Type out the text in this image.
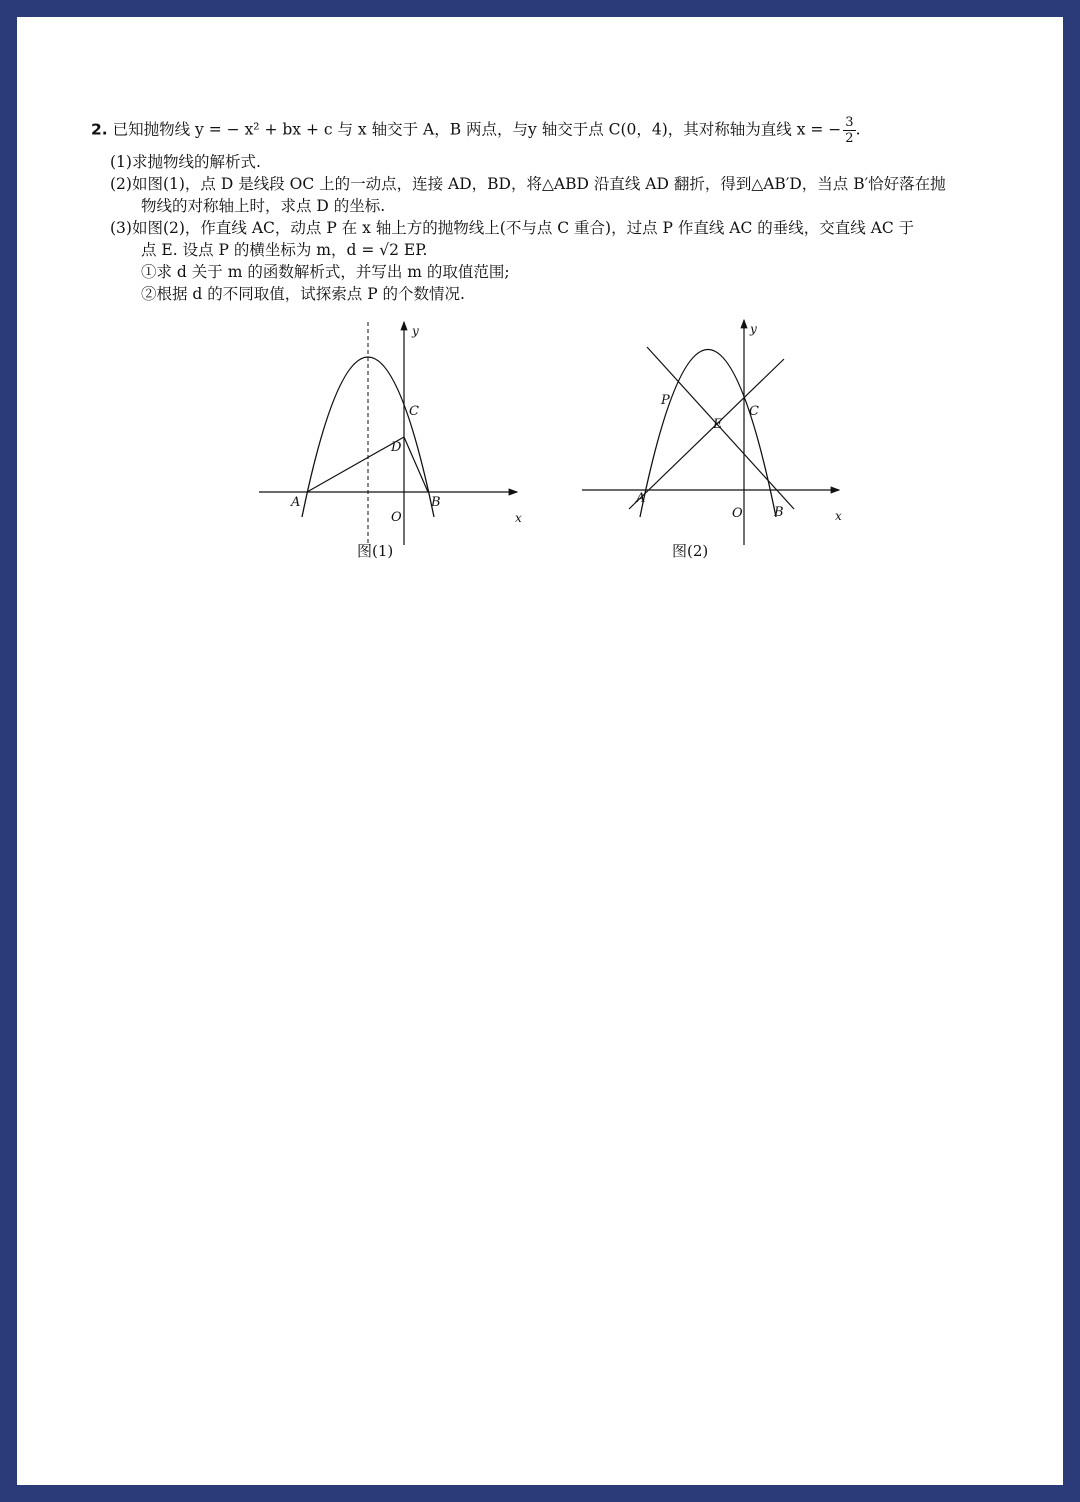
2. 已知抛物线 y = − x² + bx + c 与 x 轴交于 A，B 两点，与y 轴交于点 C(0，4)，其对称轴为直线 x = − $\frac{3}{2}$ .
(1)求抛物线的解析式.
(2)如图(1)，点 D 是线段 OC 上的一动点，连接 AD，BD，将△ABD 沿直线 AD 翻折，得到△AB′D，当点 B′恰好落在抛
物线的对称轴上时，求点 D 的坐标.
(3)如图(2)，作直线 AC，动点 P 在 x 轴上方的抛物线上(不与点 C 重合)，过点 P 作直线 AC 的垂线，交直线 AC 于
点 E. 设点 P 的横坐标为 m，d = √2 EP.
①求 d 关于 m 的函数解析式，并写出 m 的取值范围;
②根据 d 的不同取值，试探索点 P 的个数情况.
y
x
A	B
C
D
O
图(1)
y
x
A
B
C
P
E
O
图(2)
